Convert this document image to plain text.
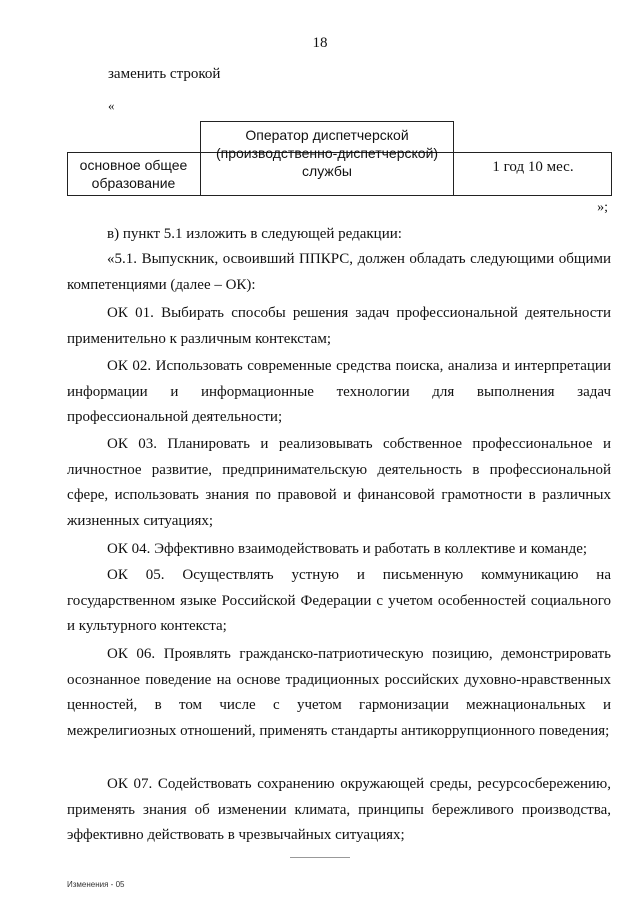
18
заменить строкой
«
основное общее
образование
Оператор диспетчерской
(производственно-диспетчерской)
службы	1 год 10 мес.
»;

в) пункт 5.1 изложить в следующей редакции:

«5.1. Выпускник, освоивший ППКРС, должен обладать следующими общими компетенциями (далее – ОК):

ОК 01. Выбирать способы решения задач профессиональной деятельности применительно к различным контекстам;

ОК 02. Использовать современные средства поиска, анализа и интерпретации информации и информационные технологии для выполнения задач профессиональной деятельности;

ОК 03. Планировать и реализовывать собственное профессиональное и личностное развитие, предпринимательскую деятельность в профессиональной сфере, использовать знания по правовой и финансовой грамотности в различных жизненных ситуациях;

ОК 04. Эффективно взаимодействовать и работать в коллективе и команде;

ОК 05. Осуществлять устную и письменную коммуникацию на государственном языке Российской Федерации с учетом особенностей социального и культурного контекста;

ОК 06. Проявлять гражданско-патриотическую позицию, демонстрировать осознанное поведение на основе традиционных российских духовно-нравственных ценностей, в том числе с учетом гармонизации межнациональных и межрелигиозных отношений, применять стандарты антикоррупционного поведения;

ОК 07. Содействовать сохранению окружающей среды, ресурсосбережению, применять знания об изменении климата, принципы бережливого производства, эффективно действовать в чрезвычайных ситуациях;

Изменения - 05
